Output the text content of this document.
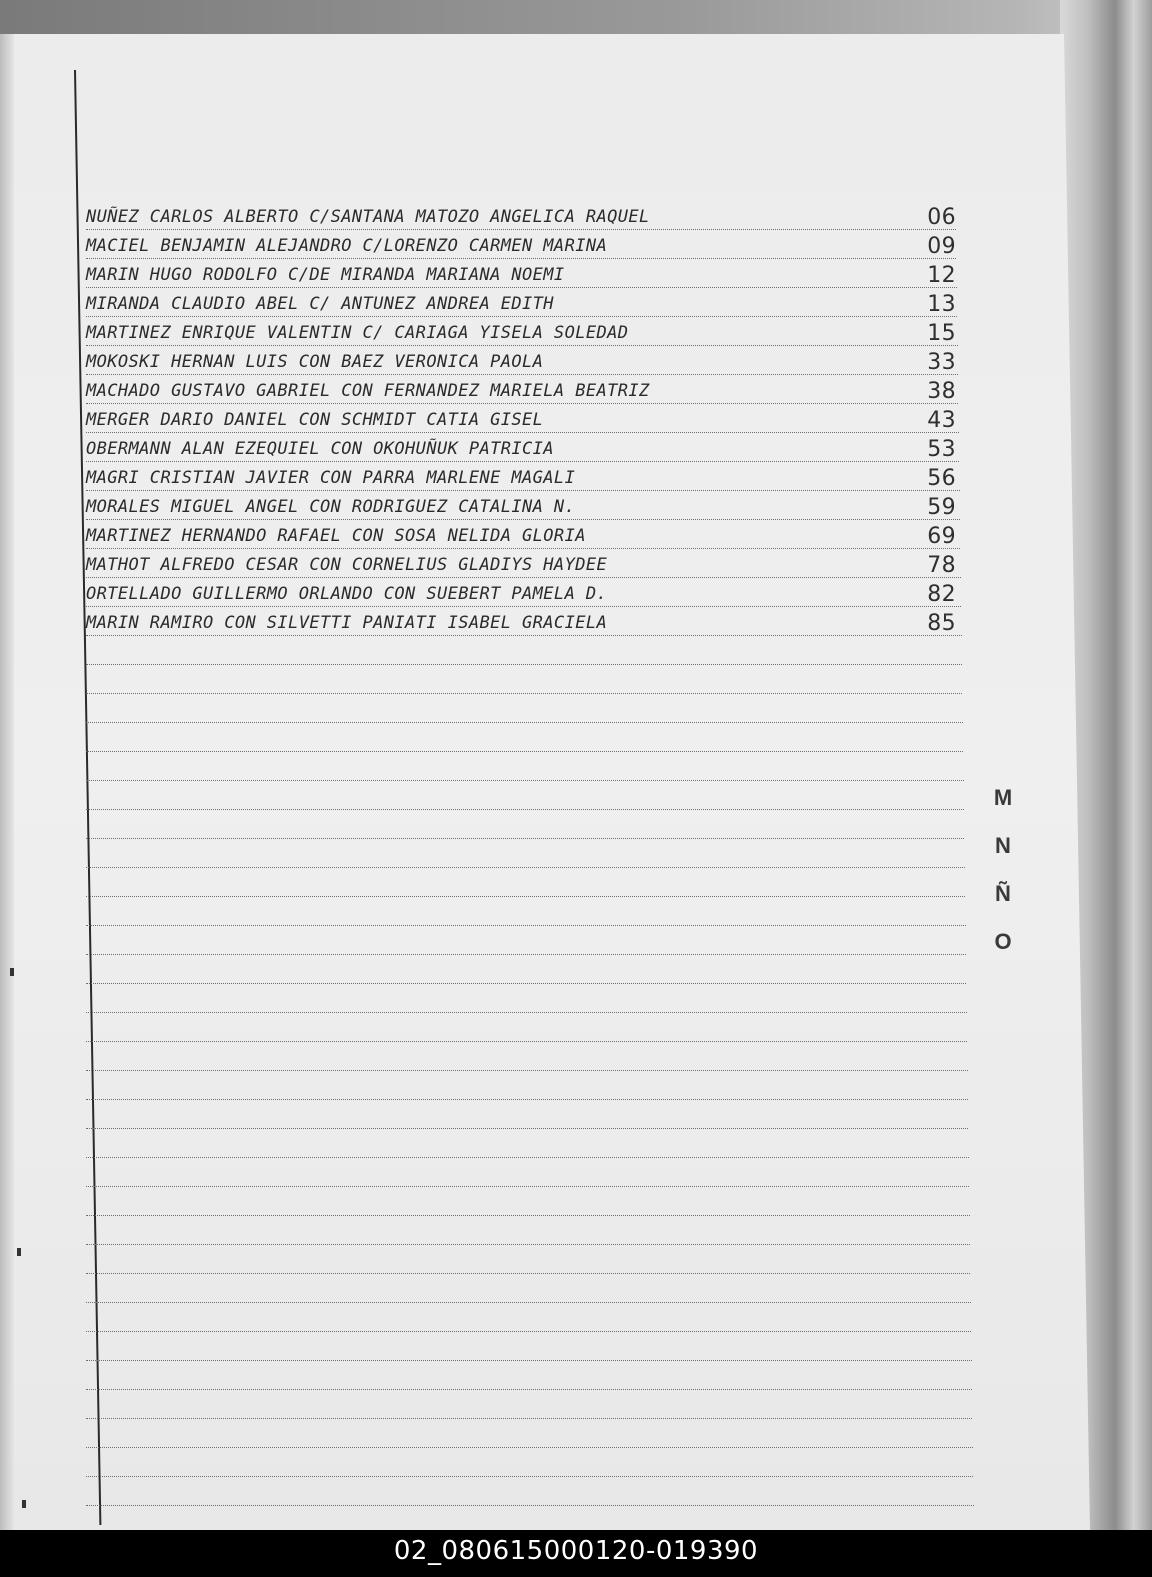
NUÑEZ CARLOS ALBERTO C/SANTANA MATOZO ANGELICA RAQUEL	06
MACIEL BENJAMIN ALEJANDRO C/LORENZO CARMEN MARINA	09
MARIN HUGO RODOLFO C/DE MIRANDA MARIANA NOEMI	12
MIRANDA CLAUDIO ABEL C/ ANTUNEZ ANDREA EDITH	13
MARTINEZ ENRIQUE VALENTIN C/ CARIAGA YISELA SOLEDAD	15
MOKOSKI HERNAN LUIS CON BAEZ VERONICA PAOLA	33
MACHADO GUSTAVO GABRIEL CON FERNANDEZ MARIELA BEATRIZ	38
MERGER DARIO DANIEL CON SCHMIDT CATIA GISEL	43
OBERMANN ALAN EZEQUIEL CON OKOHUÑUK PATRICIA	53
MAGRI CRISTIAN JAVIER CON PARRA MARLENE MAGALI	56
MORALES MIGUEL ANGEL CON RODRIGUEZ CATALINA N.	59
MARTINEZ HERNANDO RAFAEL CON SOSA NELIDA GLORIA	69
MATHOT ALFREDO CESAR CON CORNELIUS GLADIYS HAYDEE	78
ORTELLADO GUILLERMO ORLANDO CON SUEBERT PAMELA D.	82
MARIN RAMIRO CON SILVETTI PANIATI ISABEL GRACIELA	85
M
N
Ñ
O
02_080615000120-019390
